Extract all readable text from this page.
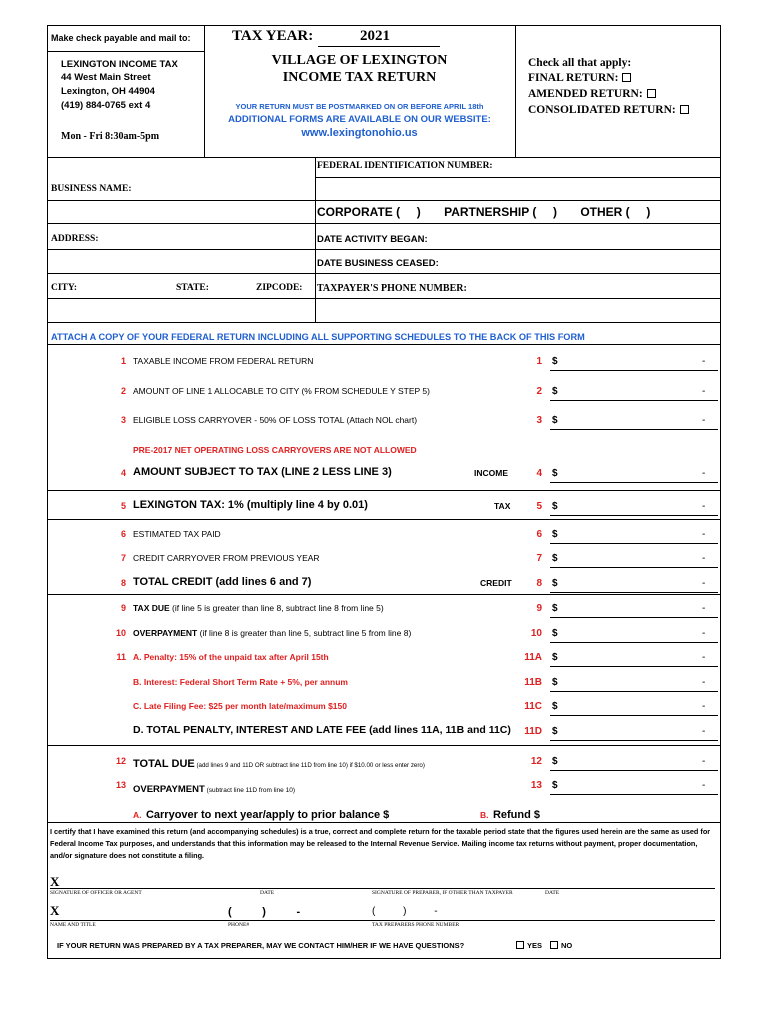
Make check payable and mail to:
LEXINGTON INCOME TAX
44 West Main Street
Lexington, OH 44904
(419) 884-0765 ext 4
Mon - Fri 8:30am-5pm
TAX YEAR:	2021
VILLAGE OF LEXINGTON
INCOME TAX RETURN
YOUR RETURN MUST BE POSTMARKED ON OR BEFORE APRIL 18th
ADDITIONAL FORMS ARE AVAILABLE ON OUR WEBSITE:
www.lexingtonohio.us
Check all that apply:
FINAL RETURN:
AMENDED RETURN:
CONSOLIDATED RETURN:
FEDERAL IDENTIFICATION NUMBER:
BUSINESS NAME:
CORPORATE (     )       PARTNERSHIP (     )       OTHER (     )
ADDRESS:	DATE ACTIVITY BEGAN:
DATE BUSINESS CEASED:
CITY:	STATE:	ZIPCODE: TAXPAYER'S PHONE NUMBER:
ATTACH A COPY OF YOUR FEDERAL RETURN INCLUDING ALL SUPPORTING SCHEDULES TO THE BACK OF THIS FORM
1 TAXABLE INCOME FROM FEDERAL RETURN	1 $	-
2 AMOUNT OF LINE 1 ALLOCABLE TO CITY (% FROM SCHEDULE Y STEP 5)	2 $	-
3 ELIGIBLE LOSS CARRYOVER - 50% OF LOSS TOTAL (Attach NOL chart)	3 $	-
PRE-2017 NET OPERATING LOSS CARRYOVERS ARE NOT ALLOWED
4 AMOUNT SUBJECT TO TAX (LINE 2 LESS LINE 3)	INCOME	4 $	-
5 LEXINGTON TAX: 1% (multiply line 4 by 0.01)	TAX	5 $	-
6 ESTIMATED TAX PAID	6 $	-
7 CREDIT CARRYOVER FROM PREVIOUS YEAR	7 $	-
8 TOTAL CREDIT (add lines 6 and 7)	CREDIT	8 $	-
9 TAX DUE (if line 5 is greater than line 8, subtract line 8 from line 5)	9 $	-
10 OVERPAYMENT (if line 8 is greater than line 5, subtract line 5 from line 8)	10 $	-
11 A. Penalty: 15% of the unpaid tax after April 15th	11A $	-
B. Interest: Federal Short Term Rate + 5%, per annum	11B $	-
C. Late Filing Fee: $25 per month late/maximum $150	11C $	-
D. TOTAL PENALTY, INTEREST AND LATE FEE (add lines 11A, 11B and 11C)	11D $	-
12 TOTAL DUE (add lines 9 and 11D OR subtract line 11D from line 10) if $10.00 or less enter zero)	12 $	-
13 OVERPAYMENT (subtract line 11D from line 10)	13 $	-
A. Carryover to next year/apply to prior balance $	B. Refund $
I certify that I have examined this return (and accompanying schedules) is a true, correct and complete return for the taxable period state that the figures used herein are the same as used for Federal Income Tax purposes, and understands that this information may be released to the Internal Revenue Service. Mailing income tax returns without payment, proper documentation, and/or signature does not constitute a filing.
X
SIGNATURE OF OFFICER OR AGENT	DATE	SIGNATURE OF PREPARER, IF OTHER THAN TAXPAYER	DATE
X	(          )          -	(          )          -
NAME AND TITLE	PHONE#	TAX PREPARERS PHONE NUMBER
IF YOUR RETURN WAS PREPARED BY A TAX PREPARER, MAY WE CONTACT HIM/HER IF WE HAVE QUESTIONS?	YES	NO
